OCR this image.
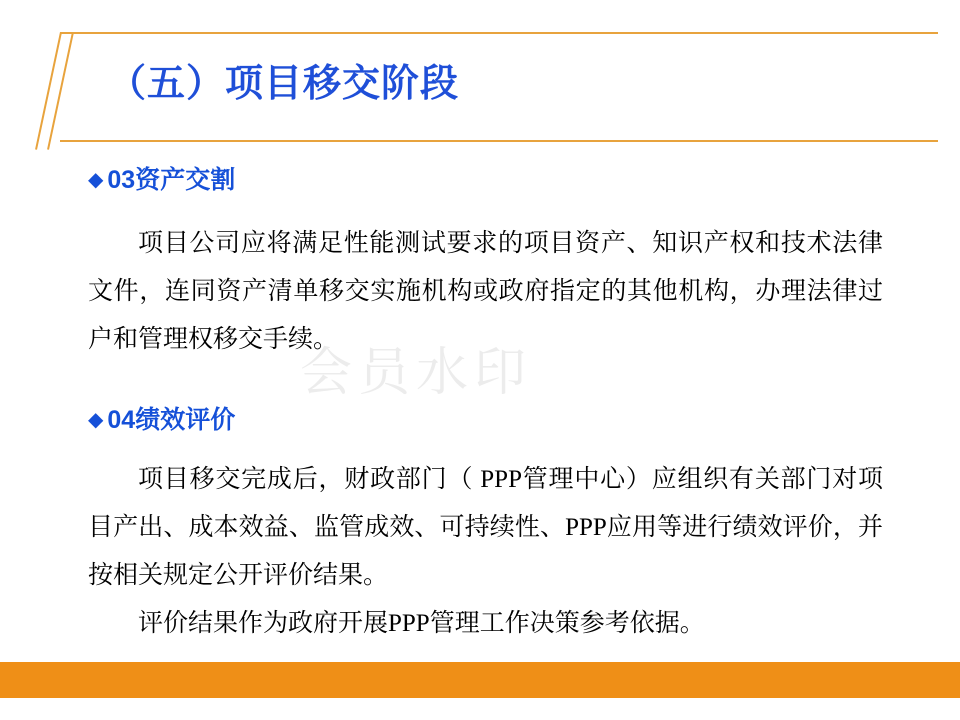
（五）项目移交阶段
会员水印
◆ 03资产交割

项目公司应将满足性能测试要求的项目资产、知识产权和技术法律文件，连同资产清单移交实施机构或政府指定的其他机构，办理法律过户和管理权移交手续。

◆ 04绩效评价

项目移交完成后，财政部门（ PPP管理中心）应组织有关部门对项目产出、成本效益、监管成效、可持续性、PPP应用等进行绩效评价，并按相关规定公开评价结果。

评价结果作为政府开展PPP管理工作决策参考依据。
